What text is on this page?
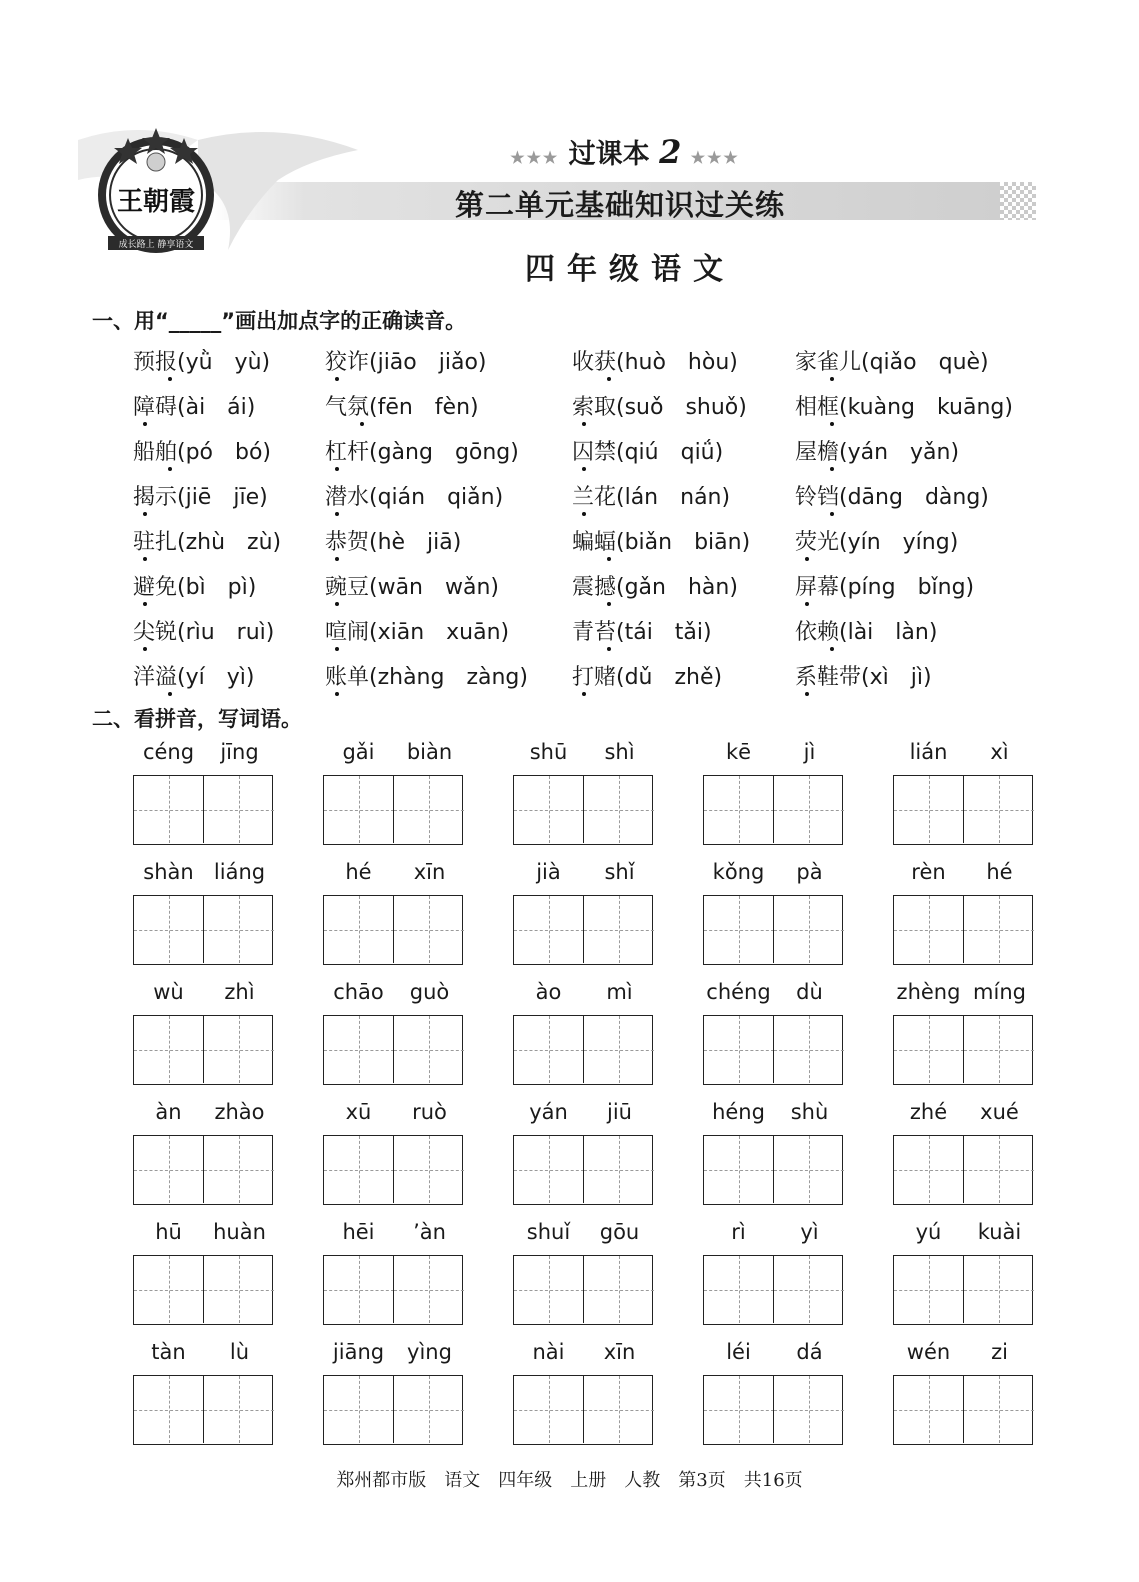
王朝霞
成长路上 静享语文
★★★ 过课本 2 ★★★
第二单元基础知识过关练
四年级语文
一、用“_____”画出加点字的正确读音。
预报(yǜ　yù) 狡诈(jiāo　jiǎo)	收获(huò　hòu)	家雀儿(qiǎo　què)
障碍(ài　ái)	气氛(fēn　fèn)	索取(suǒ　shuǒ) 相框(kuàng　kuāng)
船舶(pó　bó) 杠杆(gàng　gōng) 囚禁(qiú　qiǘ)	屋檐(yán　yǎn)
揭示(jiē　jīe)	潜水(qián　qiǎn)	兰花(lán　nán)	铃铛(dāng　dàng)
驻扎(zhù　zù) 恭贺(hè　jiā)	蝙蝠(biǎn　biān) 荧光(yín　yíng)
避免(bì　pì)	豌豆(wān　wǎn)	震撼(gǎn　hàn)	屏幕(píng　bǐng)
尖锐(rìu　ruì) 喧闹(xiān　xuān)	青苔(tái　tǎi)	依赖(lài　làn)
洋溢(yí　yì)	账单(zhàng　zàng) 打赌(dǔ　zhě)	系鞋带(xì　jì)
二、看拼音，写词语。
céng	jīng	gǎi	biàn	shū	shì	kē	jì	lián	xì
shàn liáng	hé	xīn	jià	shǐ	kǒng	pà	rèn	hé
wù	zhì	chāo	guò	ào	mì	chéng	dù	zhèng míng
àn	zhào	xū	ruò	yán	jiū	héng	shù	zhé	xué
hū	huàn	hēi	’àn	shuǐ	gōu	rì	yì	yú	kuài
tàn	lù	jiāng	yìng	nài	xīn	léi	dá	wén	zi
郑州都市版　语文　四年级　上册　人教　第3页　共16页
